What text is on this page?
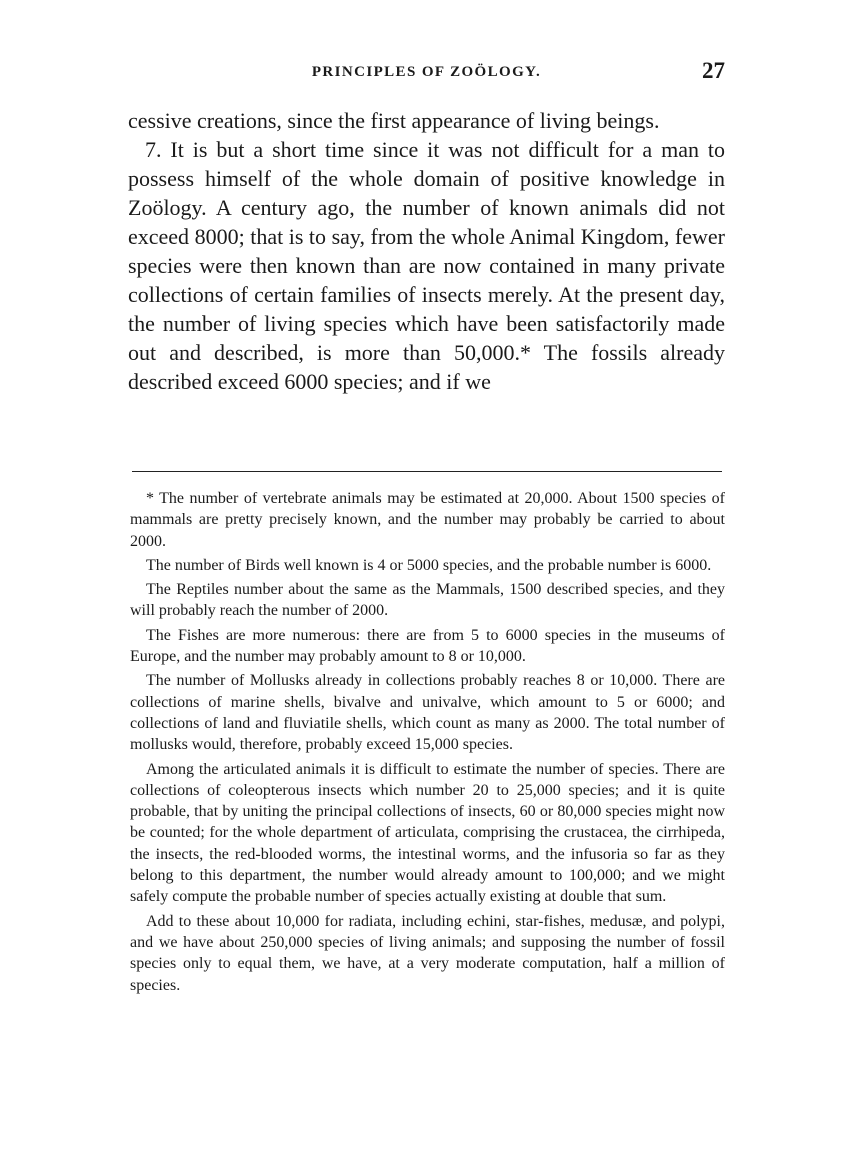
PRINCIPLES OF ZOÖLOGY.	27

cessive creations, since the first appearance of living beings.

7. It is but a short time since it was not difficult for a man to possess himself of the whole domain of positive knowledge in Zoölogy. A century ago, the number of known animals did not exceed 8000; that is to say, from the whole Animal Kingdom, fewer species were then known than are now contained in many private collections of certain families of insects merely. At the present day, the number of living species which have been satisfactorily made out and described, is more than 50,000.* The fossils already described exceed 6000 species; and if we

* The number of vertebrate animals may be estimated at 20,000. About 1500 species of mammals are pretty precisely known, and the number may probably be carried to about 2000.

The number of Birds well known is 4 or 5000 species, and the probable number is 6000.

The Reptiles number about the same as the Mammals, 1500 described species, and they will probably reach the number of 2000.

The Fishes are more numerous: there are from 5 to 6000 species in the museums of Europe, and the number may probably amount to 8 or 10,000.

The number of Mollusks already in collections probably reaches 8 or 10,000. There are collections of marine shells, bivalve and univalve, which amount to 5 or 6000; and collections of land and fluviatile shells, which count as many as 2000. The total number of mollusks would, therefore, probably exceed 15,000 species.

Among the articulated animals it is difficult to estimate the number of species. There are collections of coleopterous insects which number 20 to 25,000 species; and it is quite probable, that by uniting the principal collections of insects, 60 or 80,000 species might now be counted; for the whole department of articulata, comprising the crustacea, the cirrhipeda, the insects, the red-blooded worms, the intestinal worms, and the infusoria so far as they belong to this department, the number would already amount to 100,000; and we might safely compute the probable number of species actually existing at double that sum.

Add to these about 10,000 for radiata, including echini, star-fishes, medusæ, and polypi, and we have about 250,000 species of living animals; and supposing the number of fossil species only to equal them, we have, at a very moderate computation, half a million of species.
